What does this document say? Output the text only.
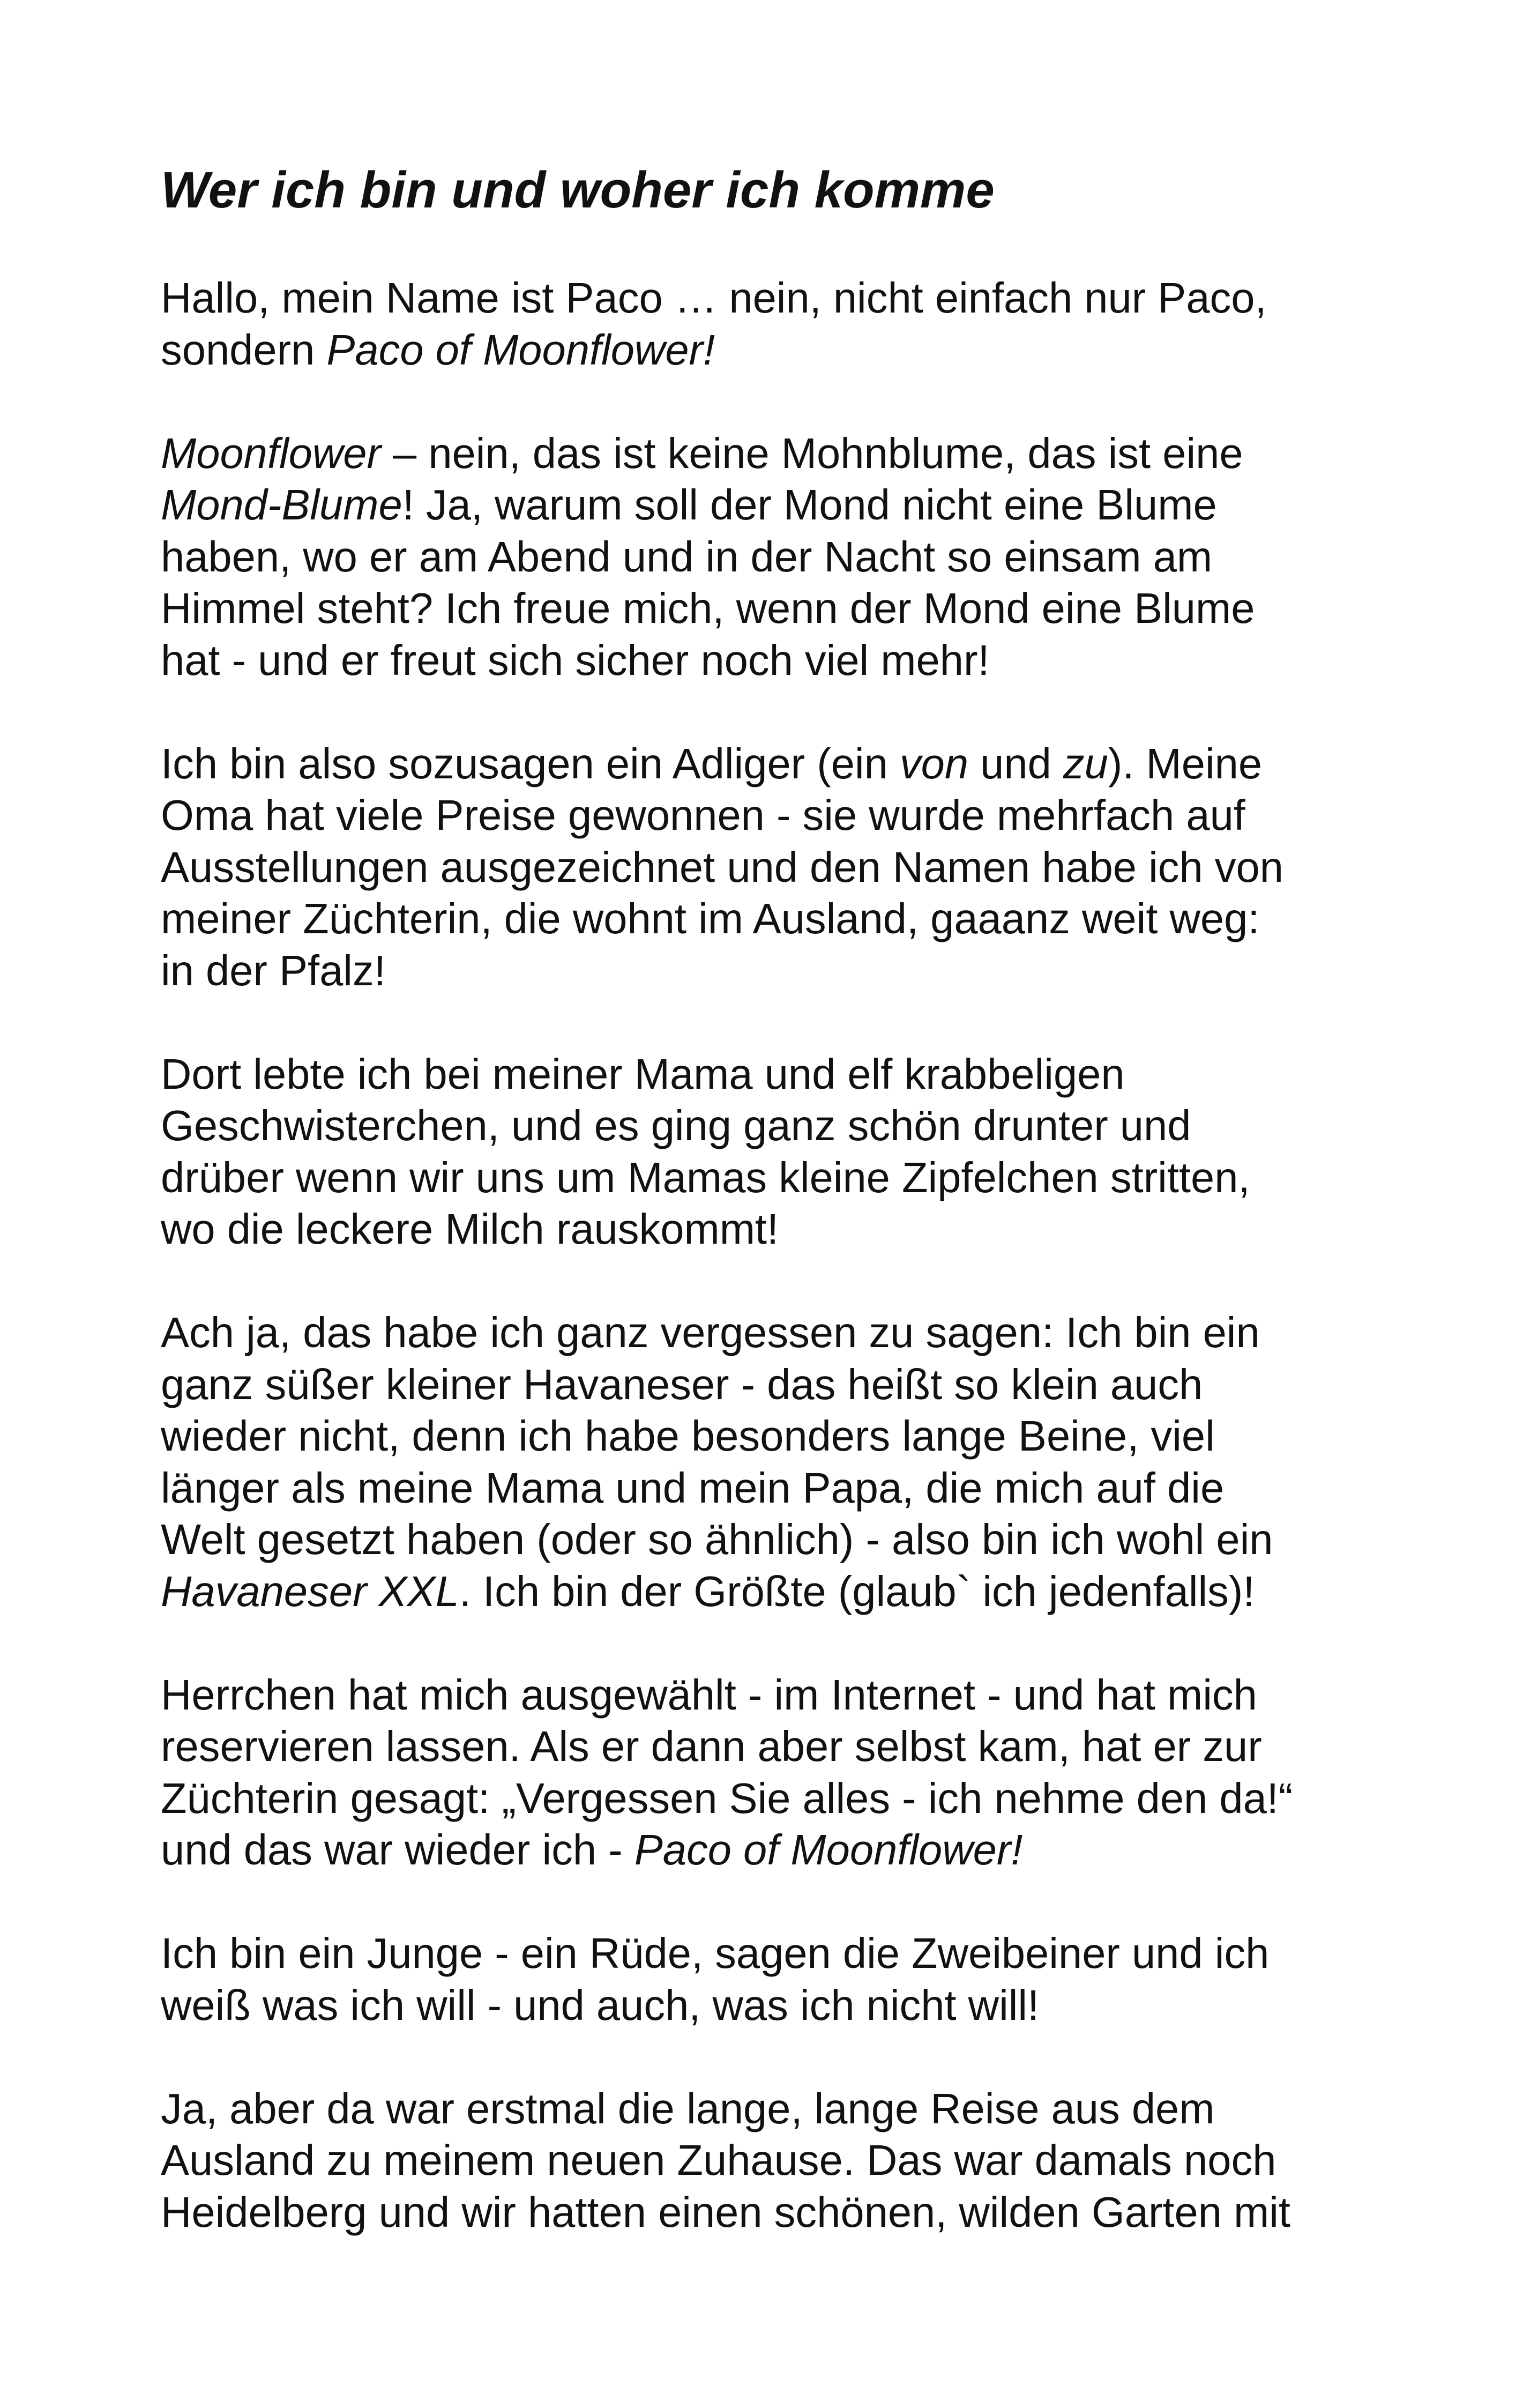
Wer ich bin und woher ich komme

Hallo, mein Name ist Paco … nein, nicht einfach nur Paco,
sondern Paco of Moonflower!

Moonflower – nein, das ist keine Mohnblume, das ist eine
Mond-Blume! Ja, warum soll der Mond nicht eine Blume
haben, wo er am Abend und in der Nacht so einsam am
Himmel steht? Ich freue mich, wenn der Mond eine Blume
hat - und er freut sich sicher noch viel mehr!

Ich bin also sozusagen ein Adliger (ein von und zu). Meine
Oma hat viele Preise gewonnen - sie wurde mehrfach auf
Ausstellungen ausgezeichnet und den Namen habe ich von
meiner Züchterin, die wohnt im Ausland, gaaanz weit weg:
in der Pfalz!

Dort lebte ich bei meiner Mama und elf krabbeligen
Geschwisterchen, und es ging ganz schön drunter und
drüber wenn wir uns um Mamas kleine Zipfelchen stritten,
wo die leckere Milch rauskommt!

Ach ja, das habe ich ganz vergessen zu sagen: Ich bin ein
ganz süßer kleiner Havaneser - das heißt so klein auch
wieder nicht, denn ich habe besonders lange Beine, viel
länger als meine Mama und mein Papa, die mich auf die
Welt gesetzt haben (oder so ähnlich) - also bin ich wohl ein
Havaneser XXL. Ich bin der Größte (glaub` ich jedenfalls)!

Herrchen hat mich ausgewählt - im Internet - und hat mich
reservieren lassen. Als er dann aber selbst kam, hat er zur
Züchterin gesagt: „Vergessen Sie alles - ich nehme den da!“
und das war wieder ich - Paco of Moonflower!

Ich bin ein Junge - ein Rüde, sagen die Zweibeiner und ich
weiß was ich will - und auch, was ich nicht will!

Ja, aber da war erstmal die lange, lange Reise aus dem
Ausland zu meinem neuen Zuhause. Das war damals noch
Heidelberg und wir hatten einen schönen, wilden Garten mit
